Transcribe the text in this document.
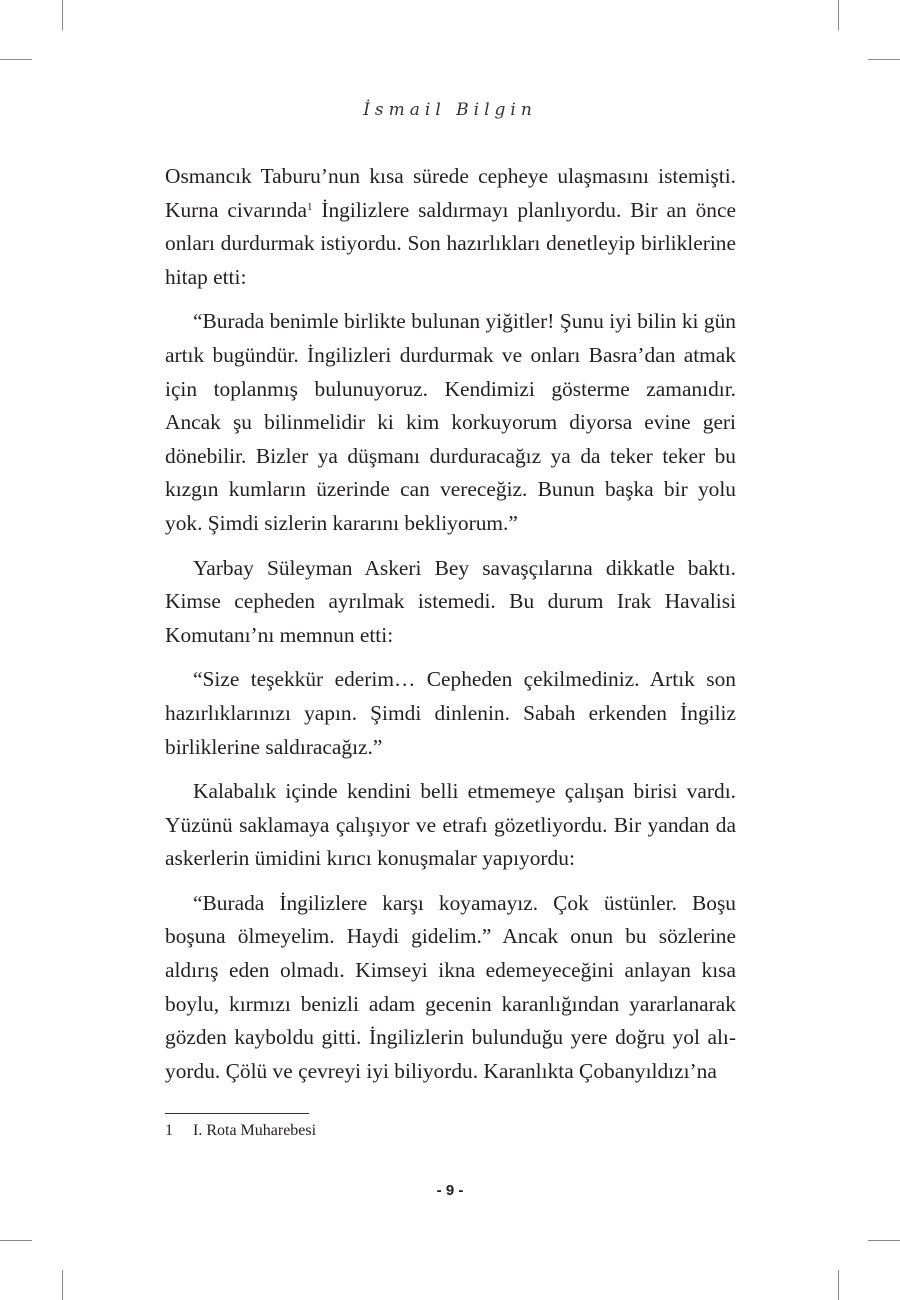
İsmail Bilgin

Osmancık Taburu’nun kısa sürede cepheye ulaşmasını istemişti. Kurna civarında$^1$ İngilizlere saldırmayı planlıyordu. Bir an önce onları durdurmak istiyordu. Son hazırlıkları denetleyip birliklerine hitap etti:

“Burada benimle birlikte bulunan yiğitler! Şunu iyi bilin ki gün artık bugündür. İngilizleri durdurmak ve onları Basra’dan atmak için toplanmış bulunuyoruz. Kendimizi gösterme zamanıdır. Ancak şu bilinmelidir ki kim korkuyorum diyorsa evine geri dönebilir. Bizler ya düşmanı durduracağız ya da teker teker bu kızgın kumların üzerinde can vereceğiz. Bunun başka bir yolu yok. Şimdi sizlerin kararını bekliyorum.”

Yarbay Süleyman Askeri Bey savaşçılarına dikkatle baktı. Kimse cepheden ayrılmak istemedi. Bu durum Irak Havalisi Komutanı’nı memnun etti:

“Size teşekkür ederim… Cepheden çekilmediniz. Artık son hazırlıklarınızı yapın. Şimdi dinlenin. Sabah erkenden İngiliz birliklerine saldıracağız.”

Kalabalık içinde kendini belli etmemeye çalışan birisi vardı. Yüzünü saklamaya çalışıyor ve etrafı gözetliyordu. Bir yandan da askerlerin ümidini kırıcı konuşmalar yapıyordu:

“Burada İngilizlere karşı koyamayız. Çok üstünler. Boşu boşuna ölmeyelim. Haydi gidelim.” Ancak onun bu sözlerine aldırış eden olmadı. Kimseyi ikna edemeyeceğini anlayan kısa boylu, kırmızı benizli adam gecenin karanlığından yararlanarak gözden kayboldu gitti. İngilizlerin bulunduğu yere doğru yol alıyordu. Çölü ve çevreyi iyi biliyordu. Karanlıkta Çobanyıldızı’na

1 I. Rota Muharebesi
- 9 -
